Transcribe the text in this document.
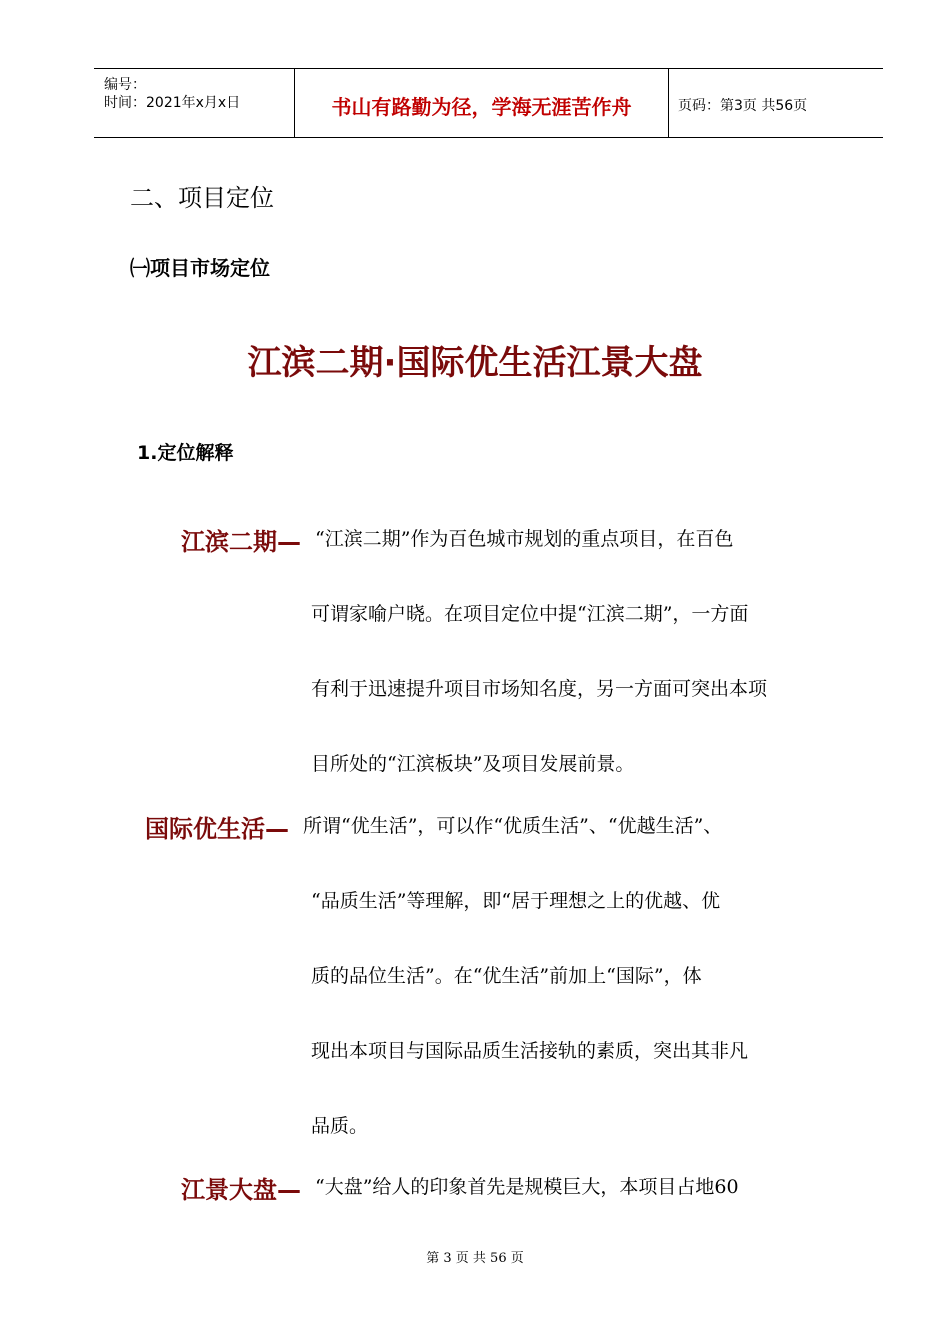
编号：
时间：2021年x月x日	书山有路勤为径，学海无涯苦作舟	页码：第3页 共56页
二、项目定位
㈠项目市场定位
江滨二期·国际优生活江景大盘
1.定位解释
江滨二期— “江滨二期”作为百色城市规划的重点项目，在百色
可谓家喻户晓。在项目定位中提“江滨二期”，一方面
有利于迅速提升项目市场知名度，另一方面可突出本项
目所处的“江滨板块”及项目发展前景。
国际优生活— 所谓“优生活”，可以作“优质生活”、“优越生活”、
“品质生活”等理解，即“居于理想之上的优越、优
质的品位生活”。在“优生活”前加上“国际”，体
现出本项目与国际品质生活接轨的素质，突出其非凡
品质。
江景大盘— “大盘”给人的印象首先是规模巨大，本项目占地60
第 3 页 共 56 页
